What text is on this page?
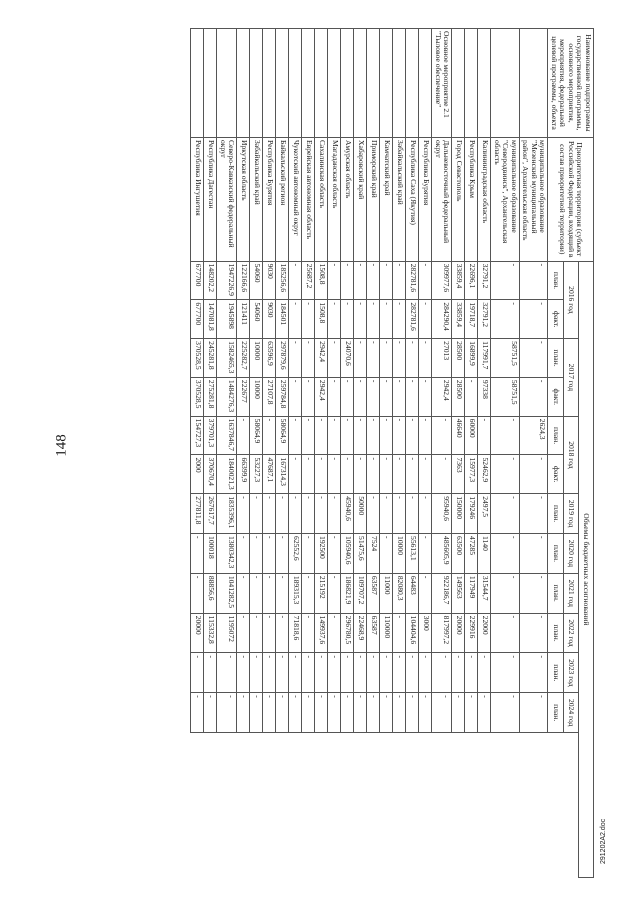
148
Наименование подпрограммы государственной программы, основного мероприятия, мероприятия, федеральной целевой программы, объекта	Приоритетная территория (субъект Российской Федерации, входящий в состав приоритетной территории)	Объемы бюджетных ассигнований											
		2016 год		2017 год		2018 год		2019 год	2020 год	2021 год	2022 год	2023 год	2024 год
		план.	факт.	план.	факт.	план.	факт.	план.	план.	план.	план.	план.	план.
	муниципальное образование "Мезенский муниципальный район", Архангельская область	-	-	-	-	2624,3	-	-	-	-	-	-	-
	муниципальное образование "Северодвинск", Архангельская область	-	-	58751,5	58751,5	-	-	-	-	-	-	-	-
	Калининградская область	32791,2	32791,2	117991,7	97338	-	52462,9	2497,5	1140	31544,7	22000	-	-
	Республика Крым	22696,1	19718,7	16899,9	-	60000	15977,3	179246	47285	117949	229916	-	-
	Город Севастополь	33859,4	33859,4	28500	28500	46640	7363	150000	63500	149563	20000	-	-
Основное мероприятие 2.1 "Тыловое обеспечение"	Дальневосточный федеральный округ	309977,6	284290,4	27013	2942,4	-	-	95940,6	485605,9	922186,7	817997,2	-	-
	Республика Бурятия	-	-	-	-	-	-	-	-	-	3000	-	-
	Республика Саха (Якутия)	282781,6	282781,6	-	-	-	-	-	55613,1	64483	104404,6	-	-
	Забайкальский край	-	-	-	-	-	-	-	10000	82080,3	-	-	-
	Камчатский край	-	-	-	-	-	-	-	-	11000	110000	-	-
	Приморский край	-	-	-	-	-	-	-	7524	63587	63587	-	-
	Хабаровский край	-	-	-	-	-	-	50000	51475,6	109707,2	22468,9	-	-
	Амурская область	-	-	24070,6	-	-	-	45940,6	105940,6	186821,9	296780,5	-	-
	Магаданская область	-	-	-	-	-	-	-	-	-	-	-	-
	Сахалинская область	1508,8	1508,8	2942,4	2942,4	-	-	-	192500	215192	149937,6	-	-
	Еврейская автономная область	25687,2	-	-	-	-	-	-	-	-	-	-	-
	Чукотский автономный округ	-	-	-	-	-	-	-	62552,6	189315,3	71818,6	-	-
	Байкальский регион	185256,6	184501	297879,6	259784,8	58064,9	167314,3	-	-	-	-	-	-
	Республика Бурятия	9030	9030	63596,9	27107,8	-	47687,1	-	-	-	-	-	-
	Забайкальский край	54060	54060	10000	10000	58064,9	53227,3	-	-	-	-	-	-
	Иркутская область	122166,6	121411	225282,7	222677	-	66399,9	-	-	-	-	-	-
	Северо-Кавказский федеральный округ	1947226,9	1945898	1582465,3	1484276,3	1637846,7	1840021,3	1835396,1	1380342,3	1041282,5	1195072	-	-
	Республика Дагестан	148202,2	147081,8	245281,8	275281,8	379701,3	370670,4	267617,7	100018	88856,6	115332,8	-	-
	Республика Ингушетия	677700	677700	370528,5	370528,5	154727,3	2000	277811,8	-	-	20000	-	-
291202A2.doc
